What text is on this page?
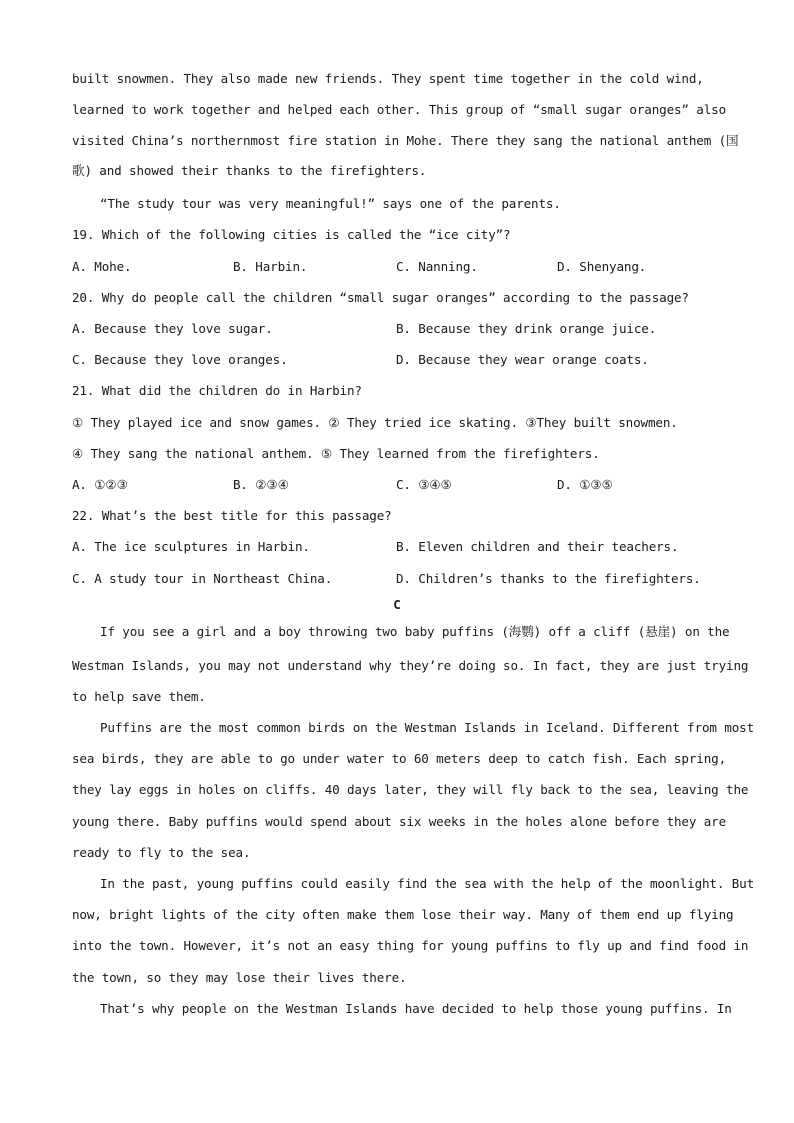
built snowmen. They also made new friends. They spent time together in the cold wind,
learned to work together and helped each other. This group of “small sugar oranges” also
visited China’s northernmost fire station in Mohe. There they sang the national anthem (国
歌) and showed their thanks to the firefighters.
“The study tour was very meaningful!” says one of the parents.
19. Which of the following cities is called the “ice city”?
A. Mohe.	B. Harbin.	C. Nanning.	D. Shenyang.
20. Why do people call the children “small sugar oranges” according to the passage?
A. Because they love sugar.	B. Because they drink orange juice.
C. Because they love oranges.	D. Because they wear orange coats.
21. What did the children do in Harbin?
① They played ice and snow games. ② They tried ice skating. ③They built snowmen.
④ They sang the national anthem. ⑤ They learned from the firefighters.
A. ①②③	B. ②③④	C. ③④⑤	D. ①③⑤
22. What’s the best title for this passage?
A. The ice sculptures in Harbin.	B. Eleven children and their teachers.
C. A study tour in Northeast China.	D. Children’s thanks to the firefighters.
C
If you see a girl and a boy throwing two baby puffins (海鹦) off a cliff (悬崖) on the
Westman Islands, you may not understand why they’re doing so. In fact, they are just trying
to help save them.
Puffins are the most common birds on the Westman Islands in Iceland. Different from most
sea birds, they are able to go under water to 60 meters deep to catch fish. Each spring,
they lay eggs in holes on cliffs. 40 days later, they will fly back to the sea, leaving the
young there. Baby puffins would spend about six weeks in the holes alone before they are
ready to fly to the sea.
In the past, young puffins could easily find the sea with the help of the moonlight. But
now, bright lights of the city often make them lose their way. Many of them end up flying
into the town. However, it’s not an easy thing for young puffins to fly up and find food in
the town, so they may lose their lives there.
That’s why people on the Westman Islands have decided to help those young puffins. In
